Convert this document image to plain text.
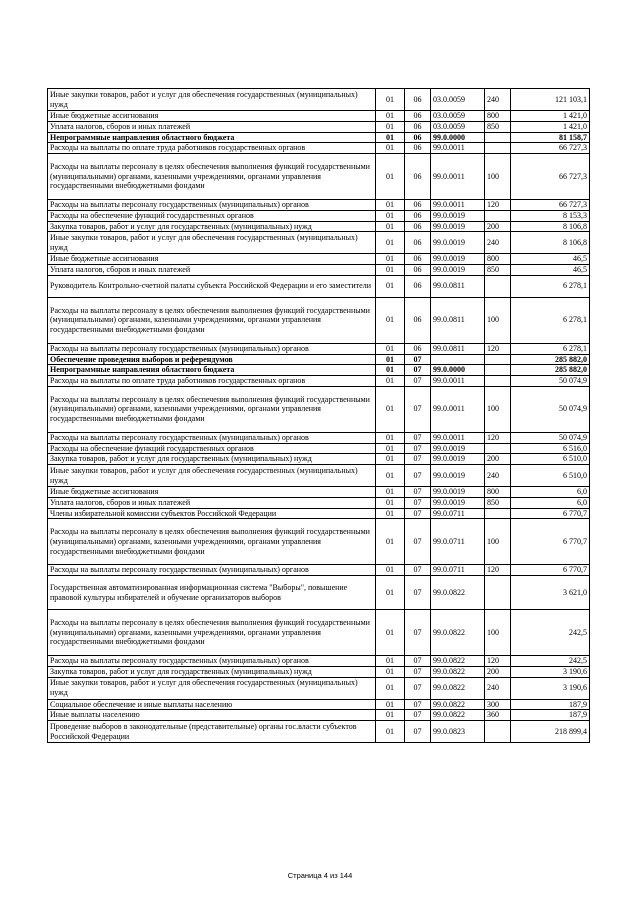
Иные закупки товаров, работ и услуг для обеспечения государственных (муниципальных) нужд	01	06	03.0.0059	240	121 103,1
Иные бюджетные ассигнования	01	06	03.0.0059	800	1 421,0
Уплата налогов, сборов и иных платежей	01	06	03.0.0059	850	1 421,0
Непрограммные направления областного бюджета	01	06	99.0.0000		81 158,7
Расходы на выплаты по оплате труда работников государственных органов	01	06	99.0.0011		66 727,3
Расходы на выплаты персоналу в целях обеспечения выполнения функций государственными (муниципальными) органами, казенными учреждениями, органами управления государственными внебюджетными фондами	01	06	99.0.0011	100	66 727,3
Расходы на выплаты персоналу государственных (муниципальных) органов	01	06	99.0.0011	120	66 727,3
Расходы на обеспечение функций государственных органов	01	06	99.0.0019		8 153,3
Закупка товаров, работ и услуг для государственных (муниципальных) нужд	01	06	99.0.0019	200	8 106,8
Иные закупки товаров, работ и услуг для обеспечения государственных (муниципальных) нужд	01	06	99.0.0019	240	8 106,8
Иные бюджетные ассигнования	01	06	99.0.0019	800	46,5
Уплата налогов, сборов и иных платежей	01	06	99.0.0019	850	46,5
Руководитель Контрольно-счетной палаты субъекта Российской Федерации и его заместители	01	06	99.0.0811		6 278,1
Расходы на выплаты персоналу в целях обеспечения выполнения функций государственными (муниципальными) органами, казенными учреждениями, органами управления государственными внебюджетными фондами	01	06	99.0.0811	100	6 278,1
Расходы на выплаты персоналу государственных (муниципальных) органов	01	06	99.0.0811	120	6 278,1
Обеспечение проведения выборов и референдумов	01	07			285 882,0
Непрограммные направления областного бюджета	01	07	99.0.0000		285 882,0
Расходы на выплаты по оплате труда работников государственных органов	01	07	99.0.0011		50 074,9
Расходы на выплаты персоналу в целях обеспечения выполнения функций государственными (муниципальными) органами, казенными учреждениями, органами управления государственными внебюджетными фондами	01	07	99.0.0011	100	50 074,9
Расходы на выплаты персоналу государственных (муниципальных) органов	01	07	99.0.0011	120	50 074,9
Расходы на обеспечение функций государственных органов	01	07	99.0.0019		6 516,0
Закупка товаров, работ и услуг для государственных (муниципальных) нужд	01	07	99.0.0019	200	6 510,0
Иные закупки товаров, работ и услуг для обеспечения государственных (муниципальных) нужд	01	07	99.0.0019	240	6 510,0
Иные бюджетные ассигнования	01	07	99.0.0019	800	6,0
Уплата налогов, сборов и иных платежей	01	07	99.0.0019	850	6,0
Члены избирательной комиссии субъектов Российской Федерации	01	07	99.0.0711		6 770,7
Расходы на выплаты персоналу в целях обеспечения выполнения функций государственными (муниципальными) органами, казенными учреждениями, органами управления государственными внебюджетными фондами	01	07	99.0.0711	100	6 770,7
Расходы на выплаты персоналу государственных (муниципальных) органов	01	07	99.0.0711	120	6 770,7
Государственная автоматизированная информационная система "Выборы", повышение правовой культуры избирателей и обучение организаторов выборов	01	07	99.0.0822		3 621,0
Расходы на выплаты персоналу в целях обеспечения выполнения функций государственными (муниципальными) органами, казенными учреждениями, органами управления государственными внебюджетными фондами	01	07	99.0.0822	100	242,5
Расходы на выплаты персоналу государственных (муниципальных) органов	01	07	99.0.0822	120	242,5
Закупка товаров, работ и услуг для государственных (муниципальных) нужд	01	07	99.0.0822	200	3 190,6
Иные закупки товаров, работ и услуг для обеспечения государственных (муниципальных) нужд	01	07	99.0.0822	240	3 190,6
Социальное обеспечение и иные выплаты населению	01	07	99.0.0822	300	187,9
Иные выплаты населению	01	07	99.0.0822	360	187,9
Проведение выборов в законодательные (представительные) органы гос.власти субъектов Российской Федерации	01	07	99.0.0823		218 899,4
Страница 4 из 144
